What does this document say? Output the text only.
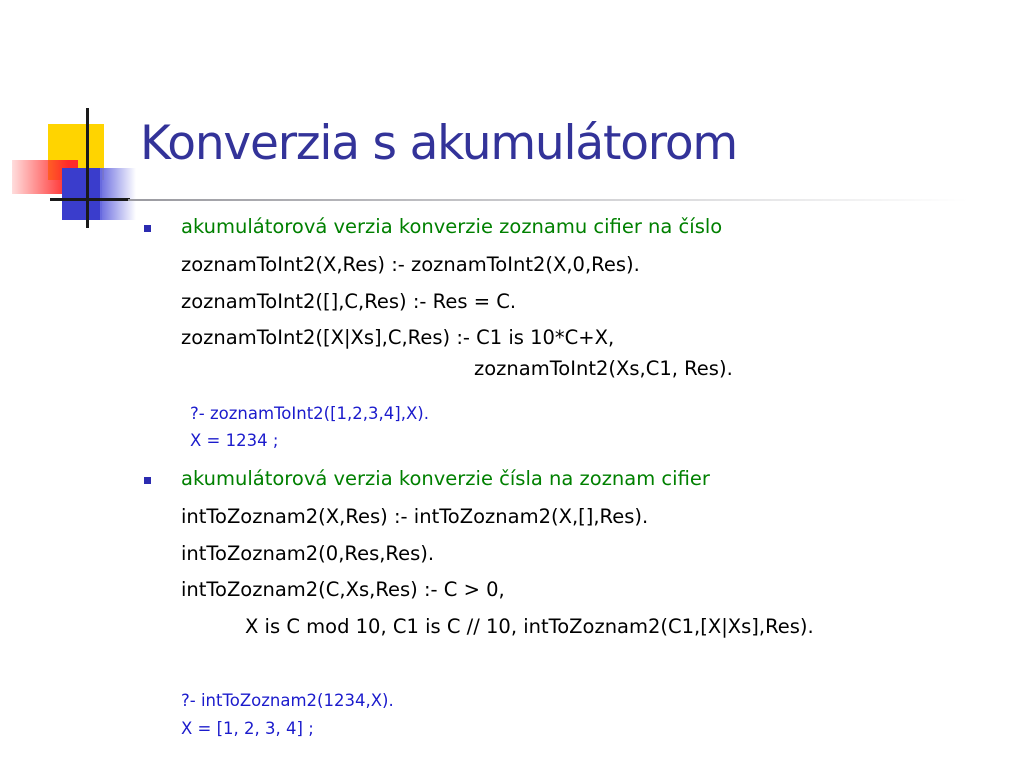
Konverzia s akumulátorom
akumulátorová verzia konverzie zoznamu cifier na číslo
zoznamToInt2(X,Res) :- zoznamToInt2(X,0,Res).
zoznamToInt2([],C,Res) :- Res = C.
zoznamToInt2([X|Xs],C,Res) :- C1 is 10*C+X,
zoznamToInt2(Xs,C1, Res).
?- zoznamToInt2([1,2,3,4],X).
X = 1234 ;
akumulátorová verzia konverzie čísla na zoznam cifier
intToZoznam2(X,Res) :- intToZoznam2(X,[],Res).
intToZoznam2(0,Res,Res).
intToZoznam2(C,Xs,Res) :- C > 0,
X is C mod 10, C1 is C // 10, intToZoznam2(C1,[X|Xs],Res).
?- intToZoznam2(1234,X).
X = [1, 2, 3, 4] ;
